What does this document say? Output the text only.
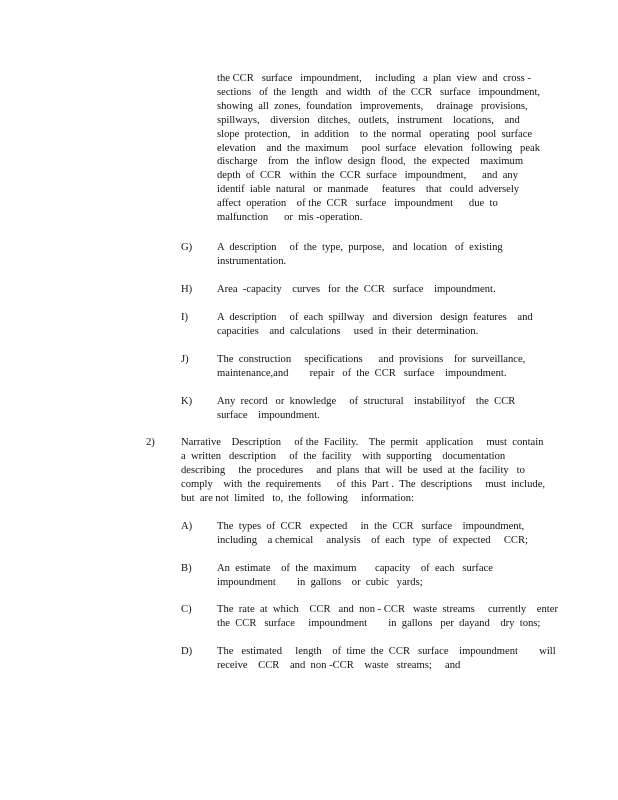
the CCR   surface   impoundment,     including   a  plan  view  and  cross -
sections   of  the  length   and  width   of  the  CCR   surface   impoundment,
showing  all  zones,  foundation   improvements,     drainage   provisions,
spillways,    diversion   ditches,   outlets,   instrument    locations,    and
slope  protection,    in  addition    to  the  normal   operating   pool  surface
elevation    and  the  maximum     pool  surface   elevation   following   peak
discharge    from   the  inflow  design  flood,   the  expected    maximum
depth  of  CCR   within  the  CCR  surface   impoundment,      and  any
identif  iable  natural   or  manmade     features    that   could  adversely
affect  operation    of the  CCR   surface   impoundment      due  to
malfunction      or  mis -operation.
G) A  description     of  the  type,  purpose,   and  location   of  existing
instrumentation.
H) Area  -capacity    curves   for  the  CCR   surface    impoundment.
I)	A  description     of  each  spillway   and  diversion   design  features    and
capacities    and  calculations     used  in  their  determination.
J)	The  construction     specifications      and  provisions    for  surveillance,
maintenance,and        repair   of  the  CCR   surface    impoundment.
K) Any  record   or  knowledge     of  structural    instabilityof    the  CCR
surface    impoundment.
2) Narrative    Description     of the  Facility.    The  permit   application     must  contain
a  written   description     of  the  facility    with  supporting    documentation
describing     the  procedures     and  plans  that  will  be  used  at  the  facility   to
comply    with  the  requirements      of  this  Part .  The  descriptions     must  include,
but  are not  limited   to,  the  following     information:
A) The  types  of  CCR   expected     in  the  CCR   surface    impoundment,
including    a chemical     analysis    of  each   type   of  expected     CCR;
B) An  estimate    of  the  maximum       capacity    of  each   surface
impoundment        in  gallons    or  cubic   yards;
C) The  rate  at  which    CCR   and  non - CCR   waste  streams     currently    enter
the  CCR   surface     impoundment        in  gallons   per  dayand    dry  tons;
D) The   estimated     length    of  time  the  CCR   surface    impoundment        will
receive    CCR    and  non -CCR    waste   streams;     and
